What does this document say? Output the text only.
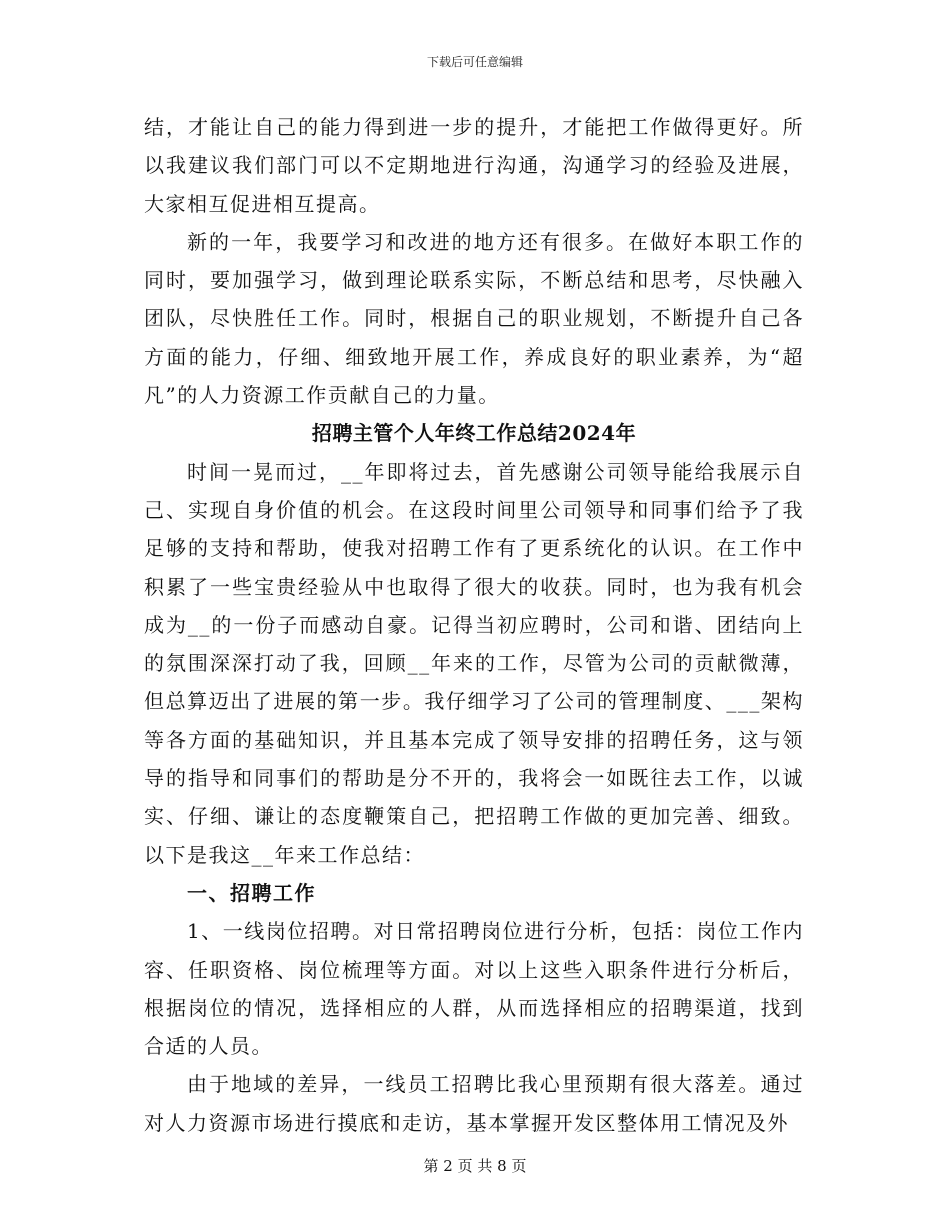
下载后可任意编辑

结，才能让自己的能力得到进一步的提升，才能把工作做得更好。所以我建议我们部门可以不定期地进行沟通，沟通学习的经验及进展，大家相互促进相互提高。

新的一年，我要学习和改进的地方还有很多。在做好本职工作的同时，要加强学习，做到理论联系实际，不断总结和思考，尽快融入团队，尽快胜任工作。同时，根据自己的职业规划，不断提升自己各方面的能力，仔细、细致地开展工作，养成良好的职业素养，为“超凡”的人力资源工作贡献自己的力量。

招聘主管个人年终工作总结2024年

时间一晃而过，__年即将过去，首先感谢公司领导能给我展示自己、实现自身价值的机会。在这段时间里公司领导和同事们给予了我足够的支持和帮助，使我对招聘工作有了更系统化的认识。在工作中积累了一些宝贵经验从中也取得了很大的收获。同时，也为我有机会成为__的一份子而感动自豪。记得当初应聘时，公司和谐、团结向上的氛围深深打动了我，回顾__年来的工作，尽管为公司的贡献微薄，但总算迈出了进展的第一步。我仔细学习了公司的管理制度、___架构等各方面的基础知识，并且基本完成了领导安排的招聘任务，这与领导的指导和同事们的帮助是分不开的，我将会一如既往去工作，以诚实、仔细、谦让的态度鞭策自己，把招聘工作做的更加完善、细致。以下是我这__年来工作总结：

一、招聘工作

1、一线岗位招聘。对日常招聘岗位进行分析，包括：岗位工作内容、任职资格、岗位梳理等方面。对以上这些入职条件进行分析后，根据岗位的情况，选择相应的人群，从而选择相应的招聘渠道，找到合适的人员。

由于地域的差异，一线员工招聘比我心里预期有很大落差。通过对人力资源市场进行摸底和走访，基本掌握开发区整体用工情况及外

第 2 页 共 8 页
